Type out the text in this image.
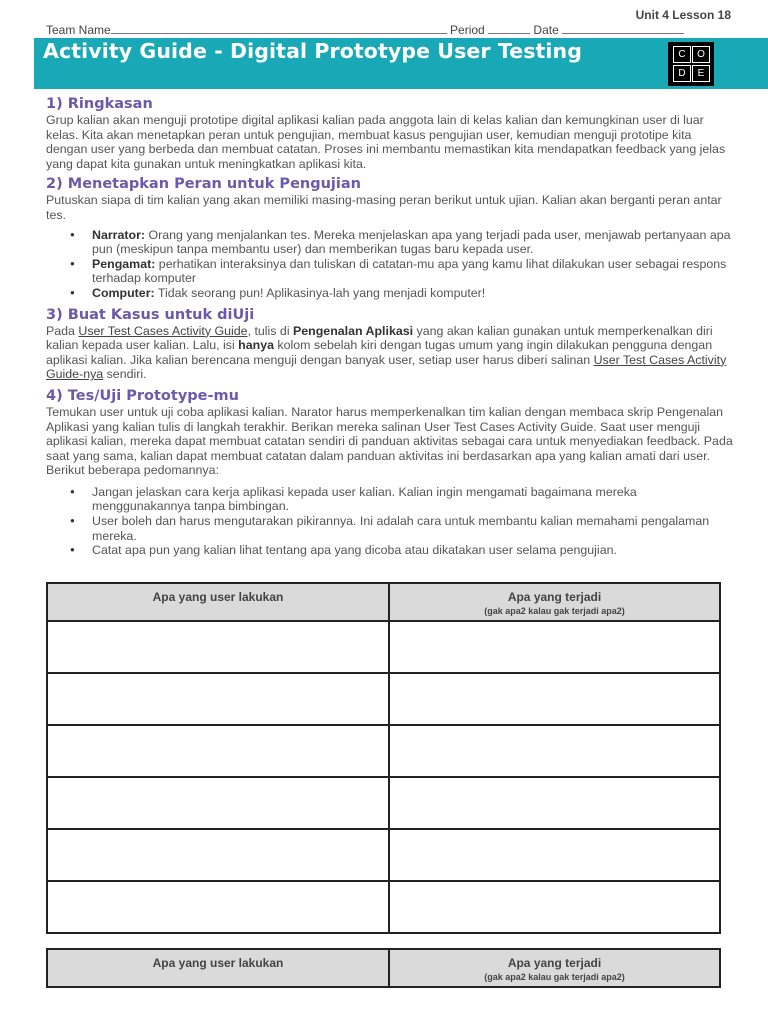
Unit 4 Lesson 18
Team Name	Period	Date
Activity Guide - Digital Prototype User Testing	C	O
D	E
1) Ringkasan

Grup kalian akan menguji prototipe digital aplikasi kalian pada anggota lain di kelas kalian dan kemungkinan user di luar kelas. Kita akan menetapkan peran untuk pengujian, membuat kasus pengujian user, kemudian menguji prototipe kita dengan user yang berbeda dan membuat catatan. Proses ini membantu memastikan kita mendapatkan feedback yang jelas yang dapat kita gunakan untuk meningkatkan aplikasi kita.

2) Menetapkan Peran untuk Pengujian

Putuskan siapa di tim kalian yang akan memiliki masing-masing peran berikut untuk ujian. Kalian akan berganti peran antar tes.

● Narrator: Orang yang menjalankan tes. Mereka menjelaskan apa yang terjadi pada user, menjawab pertanyaan apa pun (meskipun tanpa membantu user) dan memberikan tugas baru kepada user.
● Pengamat: perhatikan interaksinya dan tuliskan di catatan-mu apa yang kamu lihat dilakukan user sebagai respons terhadap komputer
● Computer: Tidak seorang pun! Aplikasinya-lah yang menjadi komputer!
3) Buat Kasus untuk diUji

Pada User Test Cases Activity Guide, tulis di Pengenalan Aplikasi yang akan kalian gunakan untuk memperkenalkan diri kalian kepada user kalian. Lalu, isi hanya kolom sebelah kiri dengan tugas umum yang ingin dilakukan pengguna dengan aplikasi kalian. Jika kalian berencana menguji dengan banyak user, setiap user harus diberi salinan User Test Cases Activity Guide-nya sendiri.

4) Tes/Uji Prototype-mu

Temukan user untuk uji coba aplikasi kalian. Narator harus memperkenalkan tim kalian dengan membaca skrip Pengenalan Aplikasi yang kalian tulis di langkah terakhir. Berikan mereka salinan User Test Cases Activity Guide. Saat user menguji aplikasi kalian, mereka dapat membuat catatan sendiri di panduan aktivitas sebagai cara untuk menyediakan feedback. Pada saat yang sama, kalian dapat membuat catatan dalam panduan aktivitas ini berdasarkan apa yang kalian amati dari user. Berikut beberapa pedomannya:

● Jangan jelaskan cara kerja aplikasi kepada user kalian. Kalian ingin mengamati bagaimana mereka menggunakannya tanpa bimbingan.
● User boleh dan harus mengutarakan pikirannya. Ini adalah cara untuk membantu kalian memahami pengalaman mereka.
● Catat apa pun yang kalian lihat tentang apa yang dicoba atau dikatakan user selama pengujian.
Apa yang user lakukan	Apa yang terjadi
(gak apa2 kalau gak terjadi apa2)

Apa yang user lakukan	Apa yang terjadi
(gak apa2 kalau gak terjadi apa2)
